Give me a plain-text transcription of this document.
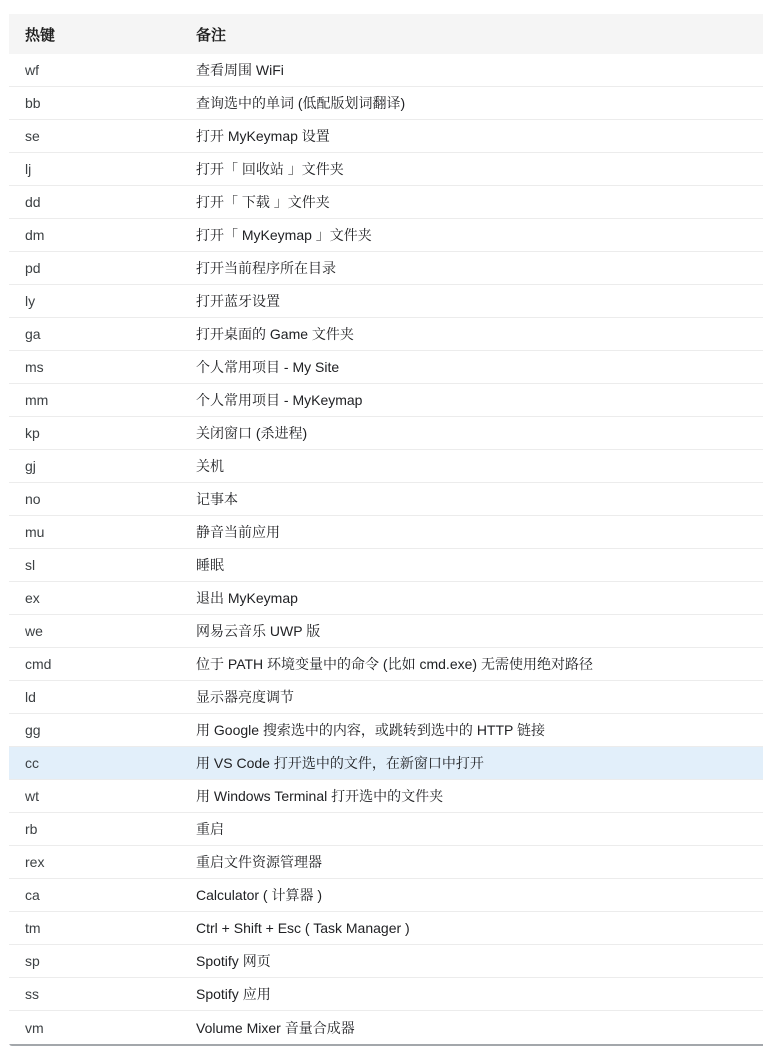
热键	备注
wf	查看周围 WiFi
bb	查询选中的单词 (低配版划词翻译)
se	打开 MyKeymap 设置
lj	打开「 回收站 」文件夹
dd	打开「 下载 」文件夹
dm	打开「 MyKeymap 」文件夹
pd	打开当前程序所在目录
ly	打开蓝牙设置
ga	打开桌面的 Game 文件夹
ms	个人常用项目 - My Site
mm	个人常用项目 - MyKeymap
kp	关闭窗口 (杀进程)
gj	关机
no	记事本
mu	静音当前应用
sl	睡眠
ex	退出 MyKeymap
we	网易云音乐 UWP 版
cmd	位于 PATH 环境变量中的命令 (比如 cmd.exe) 无需使用绝对路径
ld	显示器亮度调节
gg	用 Google 搜索选中的内容，或跳转到选中的 HTTP 链接
cc	用 VS Code 打开选中的文件，在新窗口中打开
wt	用 Windows Terminal 打开选中的文件夹
rb	重启
rex	重启文件资源管理器
ca	Calculator ( 计算器 )
tm	Ctrl + Shift + Esc ( Task Manager )
sp	Spotify 网页
ss	Spotify 应用
vm	Volume Mixer 音量合成器
